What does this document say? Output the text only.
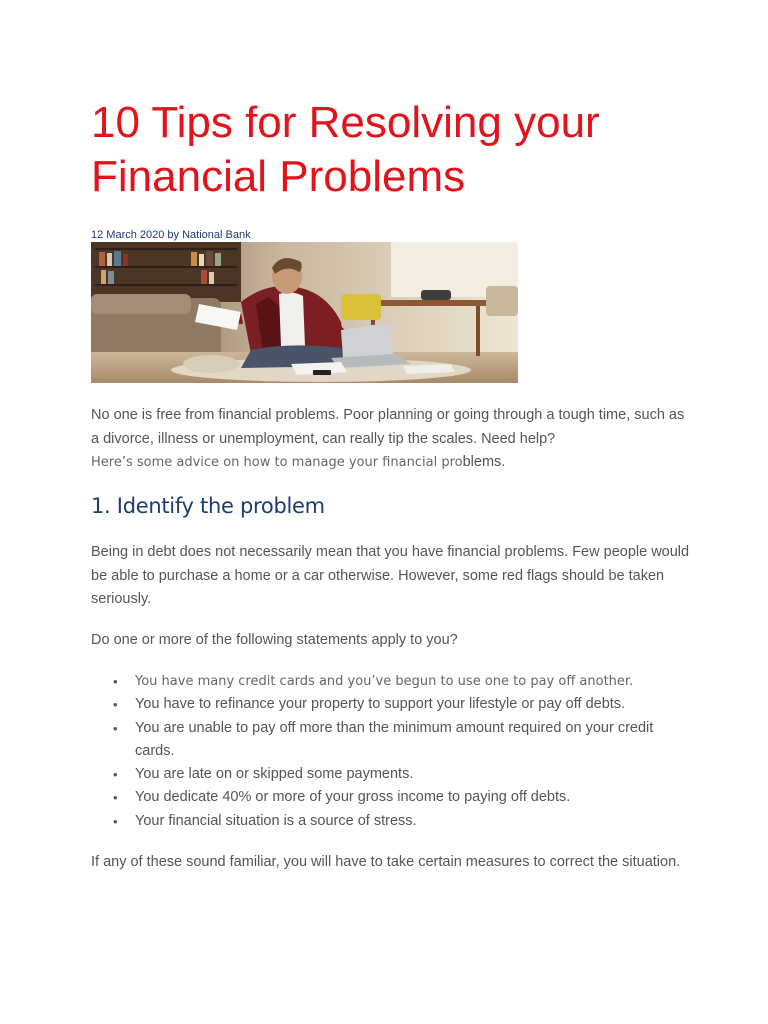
10 Tips for Resolving your Financial Problems
12 March 2020 by National Bank

No one is free from financial problems. Poor planning or going through a tough time, such as a divorce, illness or unemployment, can really tip the scales. Need help?
Here’s some advice on how to manage your financial problems.

1. Identify the problem

Being in debt does not necessarily mean that you have financial problems. Few people would be able to purchase a home or a car otherwise. However, some red flags should be taken seriously.

Do one or more of the following statements apply to you?

• You have many credit cards and you’ve begun to use one to pay off another.
• You have to refinance your property to support your lifestyle or pay off debts.
• You are unable to pay off more than the minimum amount required on your credit cards.
• You are late on or skipped some payments.
• You dedicate 40% or more of your gross income to paying off debts.
• Your financial situation is a source of stress.

If any of these sound familiar, you will have to take certain measures to correct the situation.
